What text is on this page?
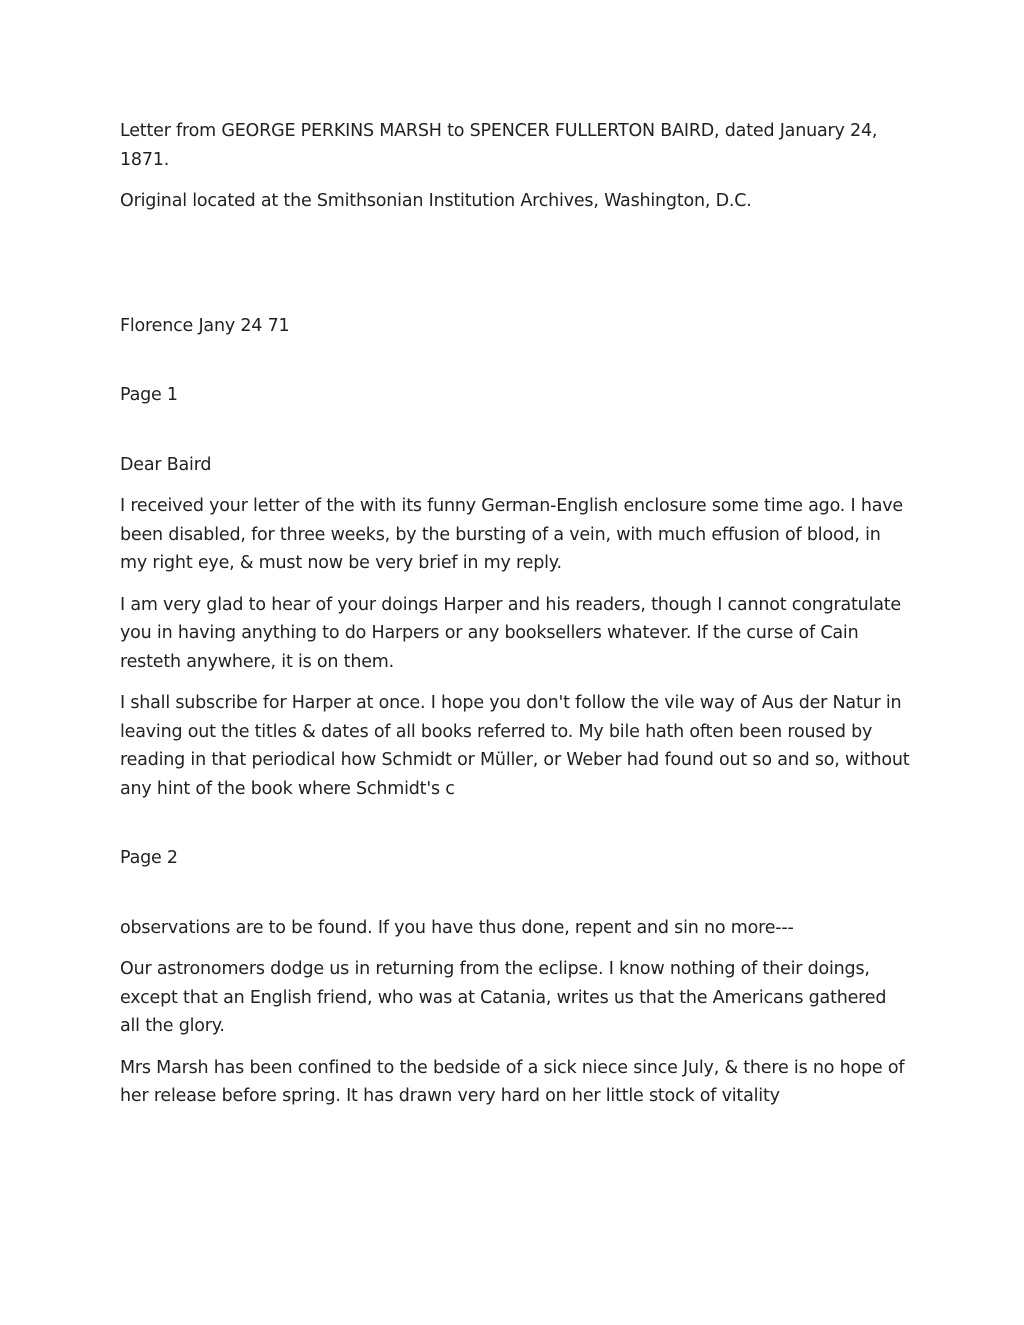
Letter from GEORGE PERKINS MARSH to SPENCER FULLERTON BAIRD, dated January 24, 1871.

Original located at the Smithsonian Institution Archives, Washington, D.C.

Florence Jany 24 71

Page 1

Dear Baird

I received your letter of the with its funny German-English enclosure some time ago. I have been disabled, for three weeks, by the bursting of a vein, with much effusion of blood, in my right eye, & must now be very brief in my reply.

I am very glad to hear of your doings Harper and his readers, though I cannot congratulate you in having anything to do Harpers or any booksellers whatever. If the curse of Cain resteth anywhere, it is on them.

I shall subscribe for Harper at once. I hope you don't follow the vile way of Aus der Natur in leaving out the titles & dates of all books referred to. My bile hath often been roused by reading in that periodical how Schmidt or Müller, or Weber had found out so and so, without any hint of the book where Schmidt's c

Page 2

observations are to be found. If you have thus done, repent and sin no more---

Our astronomers dodge us in returning from the eclipse. I know nothing of their doings, except that an English friend, who was at Catania, writes us that the Americans gathered all the glory.

Mrs Marsh has been confined to the bedside of a sick niece since July, & there is no hope of her release before spring. It has drawn very hard on her little stock of vitality
